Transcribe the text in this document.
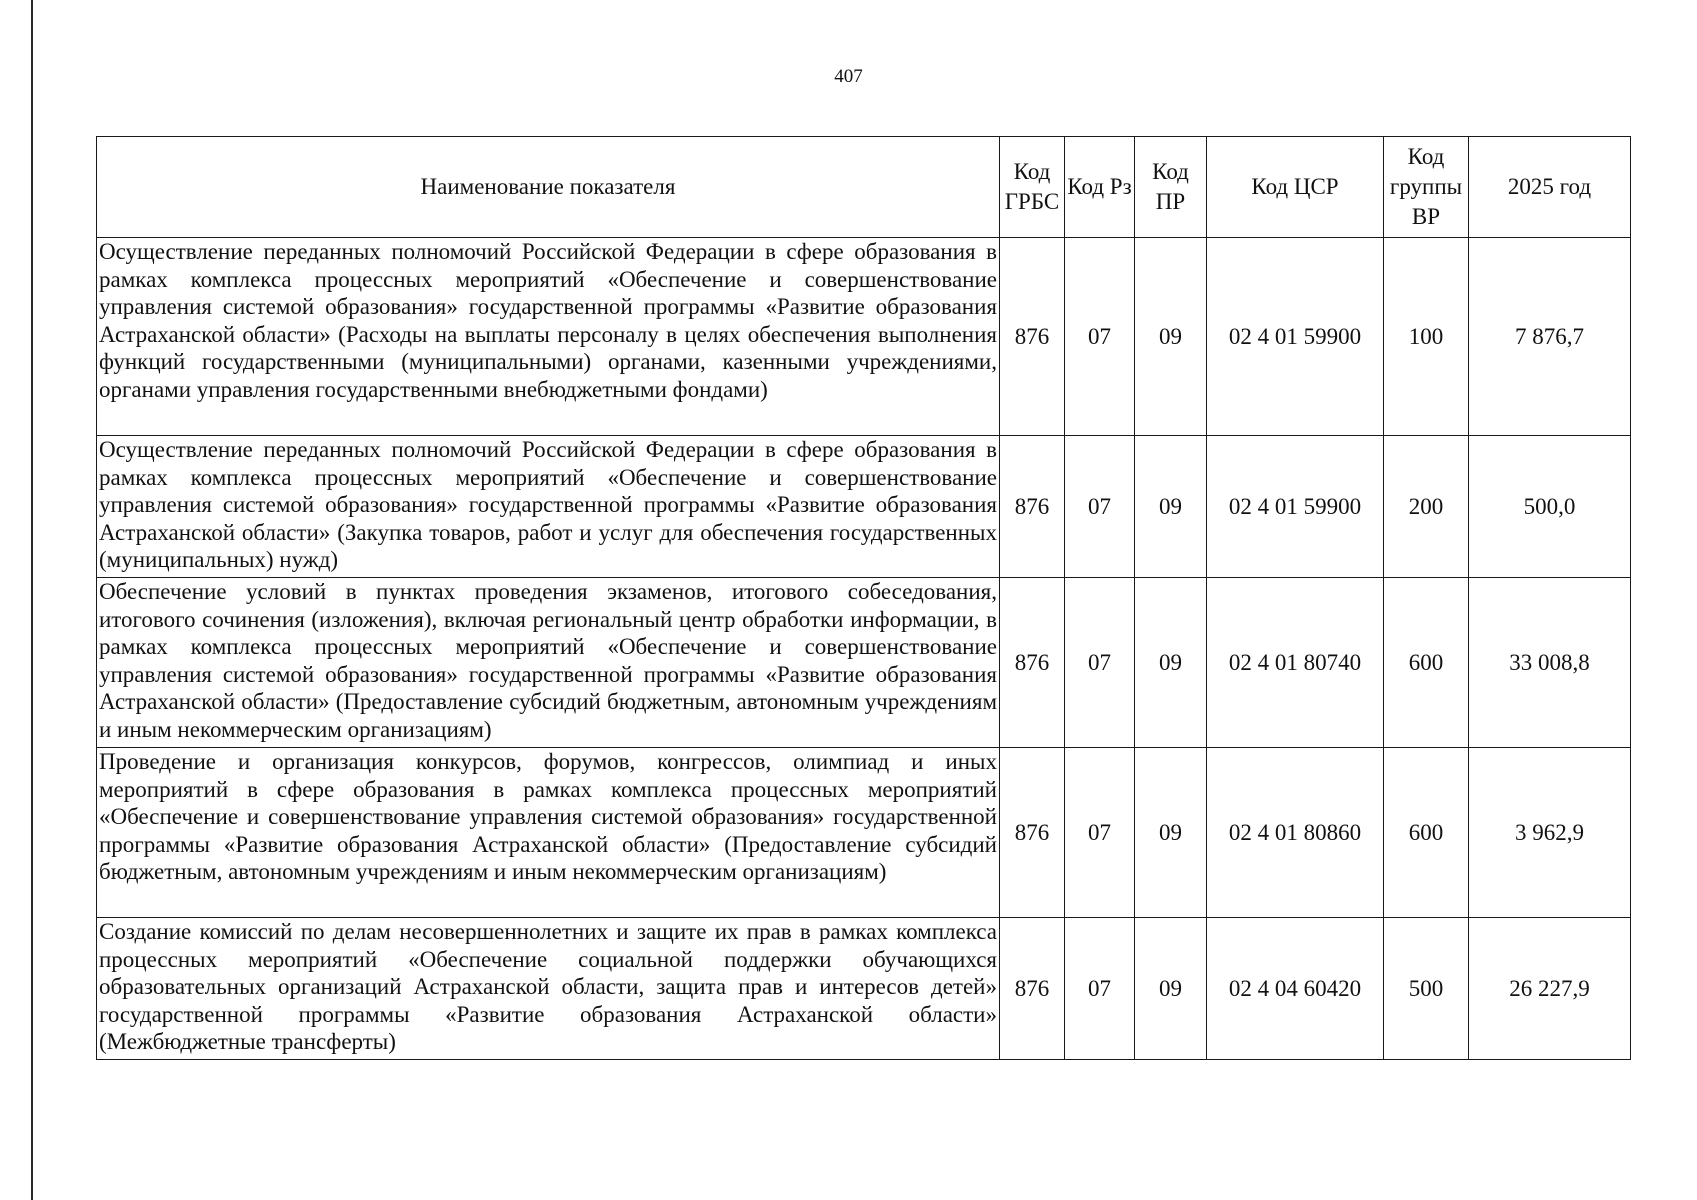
407
Наименование показателя	Код ГРБС	Код Рз	Код ПР	Код ЦСР	Код группы ВР	2025 год
Осуществление переданных полномочий Российской Федерации в сфере образования в рамках комплекса процессных мероприятий «Обеспечение и совершенствование управления системой образования» государственной программы «Развитие образования Астраханской области» (Расходы на выплаты персоналу в целях обеспечения выполнения функций государственными (муниципальными) органами, казенными учреждениями, органами управления государственными внебюджетными фондами)	876	07	09	02 4 01 59900	100	7 876,7
Осуществление переданных полномочий Российской Федерации в сфере образования в рамках комплекса процессных мероприятий «Обеспечение и совершенствование управления системой образования» государственной программы «Развитие образования Астраханской области» (Закупка товаров, работ и услуг для обеспечения государственных (муниципальных) нужд)	876	07	09	02 4 01 59900	200	500,0
Обеспечение условий в пунктах проведения экзаменов, итогового собеседования, итогового сочинения (изложения), включая региональный центр обработки информации, в рамках комплекса процессных мероприятий «Обеспечение и совершенствование управления системой образования» государственной программы «Развитие образования Астраханской области» (Предоставление субсидий бюджетным, автономным учреждениям и иным некоммерческим организациям)	876	07	09	02 4 01 80740	600	33 008,8
Проведение и организация конкурсов, форумов, конгрессов, олимпиад и иных мероприятий в сфере образования в рамках комплекса процессных мероприятий «Обеспечение и совершенствование управления системой образования» государственной программы «Развитие образования Астраханской области» (Предоставление субсидий бюджетным, автономным учреждениям и иным некоммерческим организациям)	876	07	09	02 4 01 80860	600	3 962,9
Создание комиссий по делам несовершеннолетних и защите их прав в рамках комплекса процессных мероприятий «Обеспечение социальной поддержки обучающихся образовательных организаций Астраханской области, защита прав и интересов детей» государственной программы «Развитие образования Астраханской области» (Межбюджетные трансферты)	876	07	09	02 4 04 60420	500	26 227,9
